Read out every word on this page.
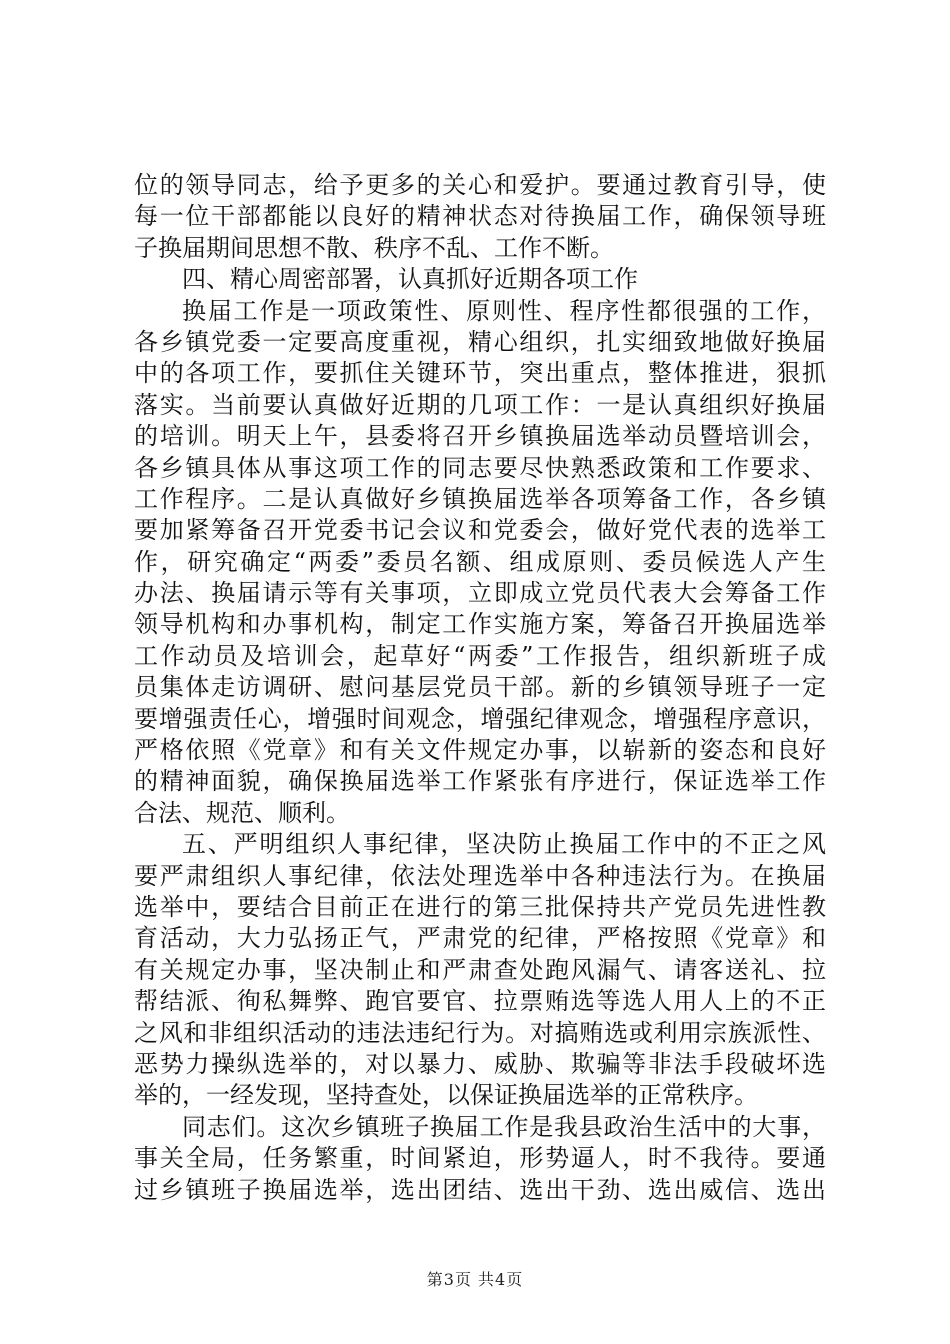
位的领导同志，给予更多的关心和爱护。要通过教育引导，使
每一位干部都能以良好的精神状态对待换届工作，确保领导班
子换届期间思想不散、秩序不乱、工作不断。
四、精心周密部署，认真抓好近期各项工作
换届工作是一项政策性、原则性、程序性都很强的工作，
各乡镇党委一定要高度重视，精心组织，扎实细致地做好换届
中的各项工作，要抓住关键环节，突出重点，整体推进，狠抓
落实。当前要认真做好近期的几项工作：一是认真组织好换届
的培训。明天上午，县委将召开乡镇换届选举动员暨培训会，
各乡镇具体从事这项工作的同志要尽快熟悉政策和工作要求、
工作程序。二是认真做好乡镇换届选举各项筹备工作，各乡镇
要加紧筹备召开党委书记会议和党委会，做好党代表的选举工
作，研究确定“两委”委员名额、组成原则、委员候选人产生
办法、换届请示等有关事项，立即成立党员代表大会筹备工作
领导机构和办事机构，制定工作实施方案，筹备召开换届选举
工作动员及培训会，起草好“两委”工作报告，组织新班子成
员集体走访调研、慰问基层党员干部。新的乡镇领导班子一定
要增强责任心，增强时间观念，增强纪律观念，增强程序意识，
严格依照《党章》和有关文件规定办事，以崭新的姿态和良好
的精神面貌，确保换届选举工作紧张有序进行，保证选举工作
合法、规范、顺利。
五、严明组织人事纪律，坚决防止换届工作中的不正之风
要严肃组织人事纪律，依法处理选举中各种违法行为。在换届
选举中，要结合目前正在进行的第三批保持共产党员先进性教
育活动，大力弘扬正气，严肃党的纪律，严格按照《党章》和
有关规定办事，坚决制止和严肃查处跑风漏气、请客送礼、拉
帮结派、徇私舞弊、跑官要官、拉票贿选等选人用人上的不正
之风和非组织活动的违法违纪行为。对搞贿选或利用宗族派性、
恶势力操纵选举的，对以暴力、威胁、欺骗等非法手段破坏选
举的，一经发现，坚持查处，以保证换届选举的正常秩序。
同志们。这次乡镇班子换届工作是我县政治生活中的大事，
事关全局，任务繁重，时间紧迫，形势逼人，时不我待。要通
过乡镇班子换届选举，选出团结、选出干劲、选出威信、选出
第3页 共4页
